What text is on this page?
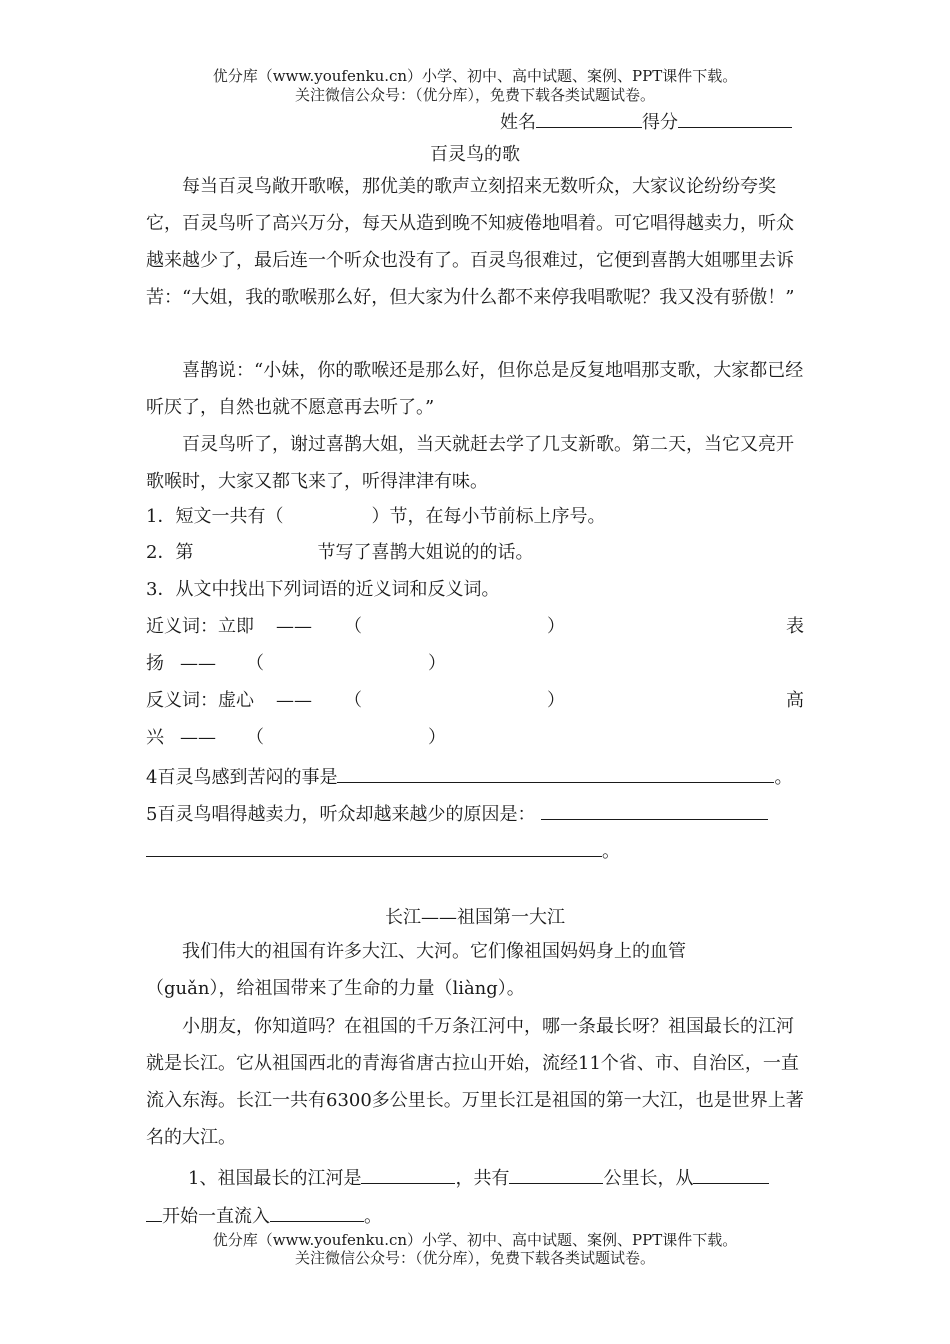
优分库（www.youfenku.cn）小学、初中、高中试题、案例、PPT课件下载。
关注微信公众号：（优分库），免费下载各类试题试卷。
姓名	得分
百灵鸟的歌
每当百灵鸟敞开歌喉，那优美的歌声立刻招来无数听众，大家议论纷纷夸奖它，百灵鸟听了高兴万分，每天从造到晚不知疲倦地唱着。可它唱得越卖力，听众越来越少了，最后连一个听众也没有了。百灵鸟很难过，它便到喜鹊大姐哪里去诉苦：“大姐，我的歌喉那么好，但大家为什么都不来停我唱歌呢？我又没有骄傲！”
喜鹊说：“小妹，你的歌喉还是那么好，但你总是反复地唱那支歌，大家都已经听厌了，自然也就不愿意再去听了。”
百灵鸟听了，谢过喜鹊大姐，当天就赶去学了几支新歌。第二天，当它又亮开歌喉时，大家又都飞来了，听得津津有味。
1．短文一共有（	）节，在每小节前标上序号。
2．第	节写了喜鹊大姐说的的话。
3．从文中找出下列词语的近义词和反义词。
近义词：立即 —— （	）	表
扬 —— （	）
反义词：虚心 —— （	）	高
兴 —— （	）
4百灵鸟感到苦闷的事是	。
5百灵鸟唱得越卖力，听众却越来越少的原因是：
。
长江——祖国第一大江
我们伟大的祖国有许多大江、大河。它们像祖国妈妈身上的血管
（guǎn），给祖国带来了生命的力量（liàng）。
小朋友，你知道吗？在祖国的千万条江河中，哪一条最长呀？祖国最长的江河就是长江。它从祖国西北的青海省唐古拉山开始，流经11个省、市、自治区，一直流入东海。长江一共有6300多公里长。万里长江是祖国的第一大江，也是世界上著名的大江。
1、祖国最长的江河是	，共有	公里长，从
开始一直流入	。
优分库（www.youfenku.cn）小学、初中、高中试题、案例、PPT课件下载。
关注微信公众号：（优分库），免费下载各类试题试卷。
